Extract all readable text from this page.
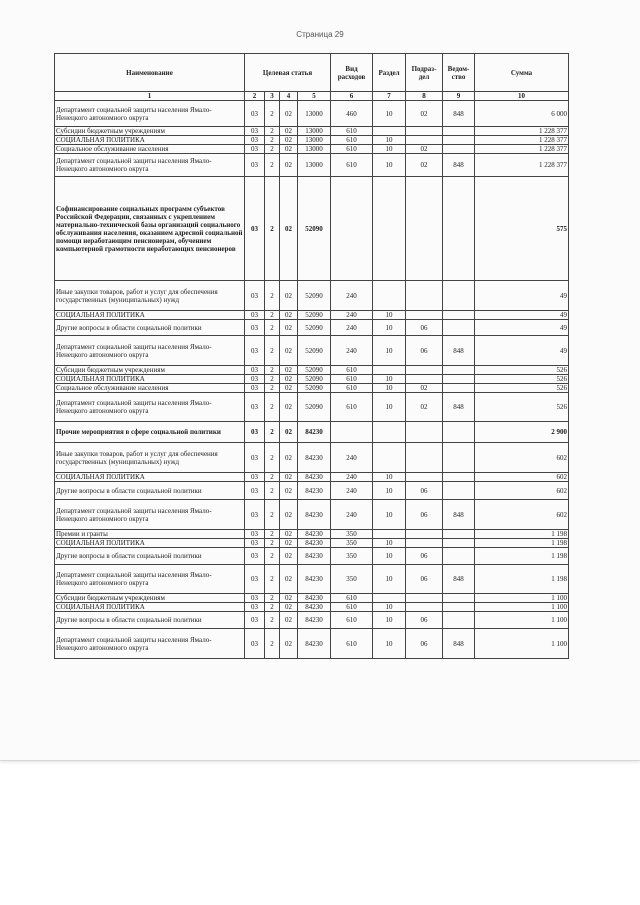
Страница 29
Наименование	Целевая статья				Вид расходов	Раздел	Подраз-дел	Ведом-ство	Сумма
1	2	3	4	5	6	7	8	9	10
Департамент социальной защиты населения Ямало-Ненецкого автономного округа	03	2	02	13000	460	10	02	848	6 000
Субсидии бюджетным учреждениям	03	2	02	13000	610				1 228 377
СОЦИАЛЬНАЯ ПОЛИТИКА	03	2	02	13000	610	10			1 228 377
Социальное обслуживание населения	03	2	02	13000	610	10	02		1 228 377
Департамент социальной защиты населения Ямало-Ненецкого автономного округа	03	2	02	13000	610	10	02	848	1 228 377
Софинансирование социальных программ субъектов Российской Федерации, связанных с укреплением материально-технической базы организаций социального обслуживания населения, оказанием адресной социальной помощи неработающим пенсионерам, обучением компьютерной грамотности неработающих пенсионеров	03	2	02	52090					575
Иные закупки товаров, работ и услуг для обеспечения государственных (муниципальных) нужд	03	2	02	52090	240				49
СОЦИАЛЬНАЯ ПОЛИТИКА	03	2	02	52090	240	10			49
Другие вопросы в области социальной политики	03	2	02	52090	240	10	06		49
Департамент социальной защиты населения Ямало-Ненецкого автономного округа	03	2	02	52090	240	10	06	848	49
Субсидии бюджетным учреждениям	03	2	02	52090	610				526
СОЦИАЛЬНАЯ ПОЛИТИКА	03	2	02	52090	610	10			526
Социальное обслуживание населения	03	2	02	52090	610	10	02		526
Департамент социальной защиты населения Ямало-Ненецкого автономного округа	03	2	02	52090	610	10	02	848	526
Прочие мероприятия в сфере социальной политики	03	2	02	84230					2 900
Иные закупки товаров, работ и услуг для обеспечения государственных (муниципальных) нужд	03	2	02	84230	240				602
СОЦИАЛЬНАЯ ПОЛИТИКА	03	2	02	84230	240	10			602
Другие вопросы в области социальной политики	03	2	02	84230	240	10	06		602
Департамент социальной защиты населения Ямало-Ненецкого автономного округа	03	2	02	84230	240	10	06	848	602
Премии и гранты	03	2	02	84230	350				1 198
СОЦИАЛЬНАЯ ПОЛИТИКА	03	2	02	84230	350	10			1 198
Другие вопросы в области социальной политики	03	2	02	84230	350	10	06		1 198
Департамент социальной защиты населения Ямало-Ненецкого автономного округа	03	2	02	84230	350	10	06	848	1 198
Субсидии бюджетным учреждениям	03	2	02	84230	610				1 100
СОЦИАЛЬНАЯ ПОЛИТИКА	03	2	02	84230	610	10			1 100
Другие вопросы в области социальной политики	03	2	02	84230	610	10	06		1 100
Департамент социальной защиты населения Ямало-Ненецкого автономного округа	03	2	02	84230	610	10	06	848	1 100
